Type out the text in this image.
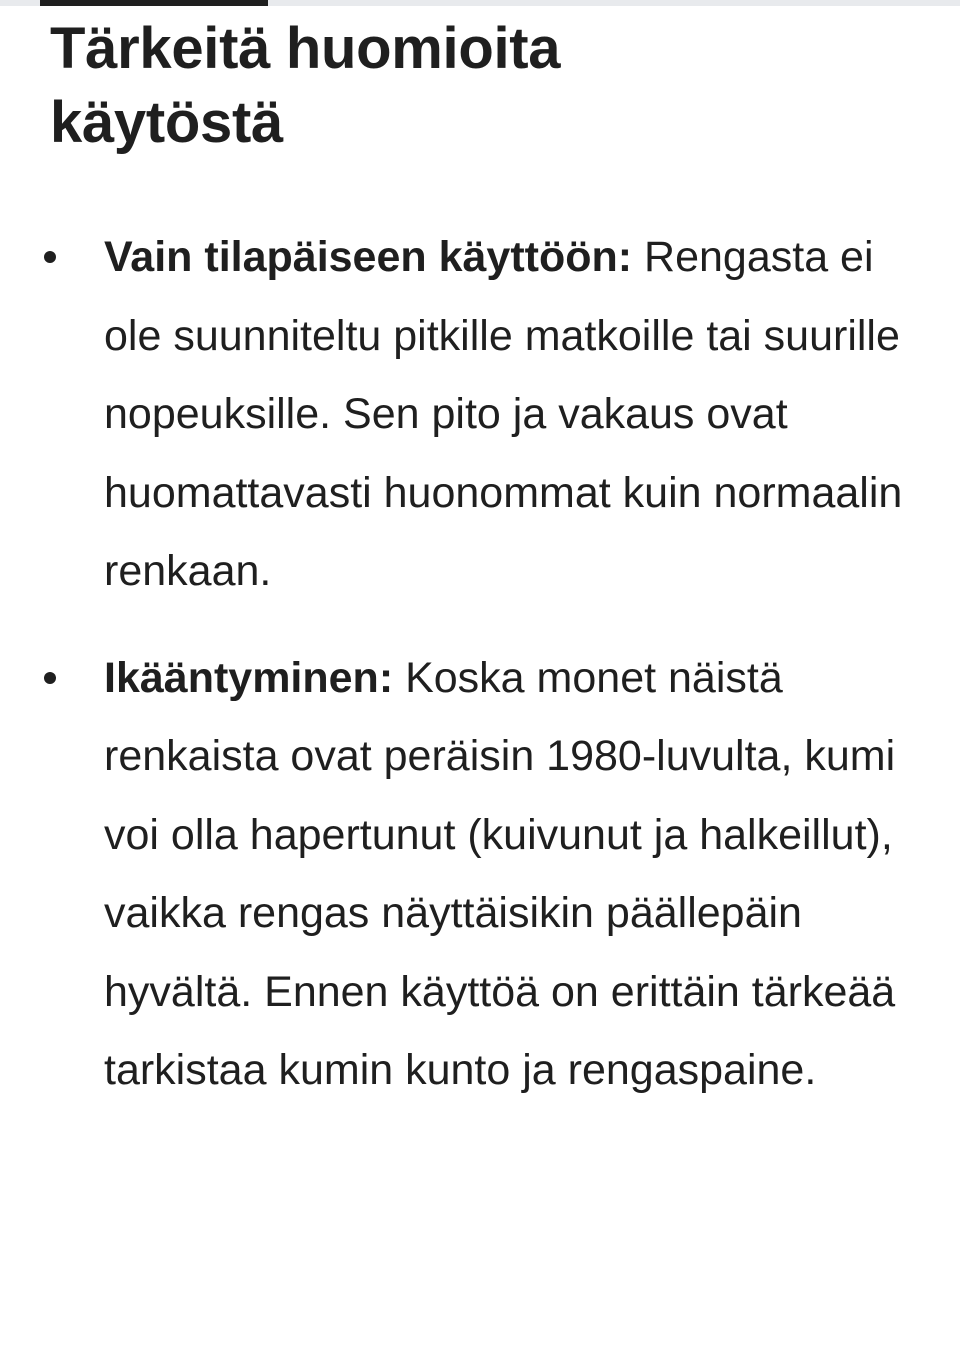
Tärkeitä huomioita käytöstä
Vain tilapäiseen käyttöön: Rengasta ei ole suunniteltu pitkille matkoille tai suurille nopeuksille. Sen pito ja vakaus ovat huomattavasti huonommat kuin normaalin renkaan.
Ikääntyminen: Koska monet näistä renkaista ovat peräisin 1980-luvulta, kumi voi olla hapertunut (kuivunut ja halkeillut), vaikka rengas näyttäisikin päällepäin hyvältä. Ennen käyttöä on erittäin tärkeää tarkistaa kumin kunto ja rengaspaine.
